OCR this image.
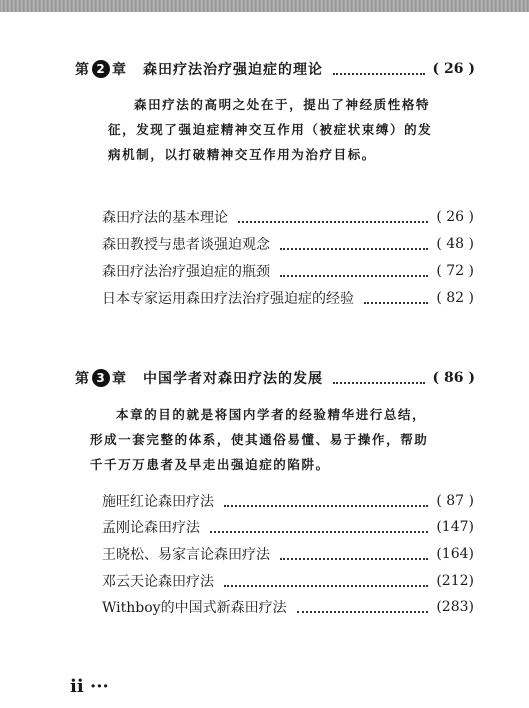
第 2 章 森田疗法治疗强迫症的理论	( 26 )
森田疗法的高明之处在于，提出了神经质性格特征，发现了强迫症精神交互作用（被症状束缚）的发病机制，以打破精神交互作用为治疗目标。
森田疗法的基本理论	( 26 )
森田教授与患者谈强迫观念	( 48 )
森田疗法治疗强迫症的瓶颈	( 72 )
日本专家运用森田疗法治疗强迫症的经验	( 82 )
第 3 章 中国学者对森田疗法的发展	( 86 )
本章的目的就是将国内学者的经验精华进行总结，形成一套完整的体系，使其通俗易懂、易于操作，帮助千千万万患者及早走出强迫症的陷阱。
施旺红论森田疗法	( 87 )
孟刚论森田疗法	(147)
王晓松、易家言论森田疗法	(164)
邓云天论森田疗法	(212)
Withboy的中国式新森田疗法	(283)
ii ···
